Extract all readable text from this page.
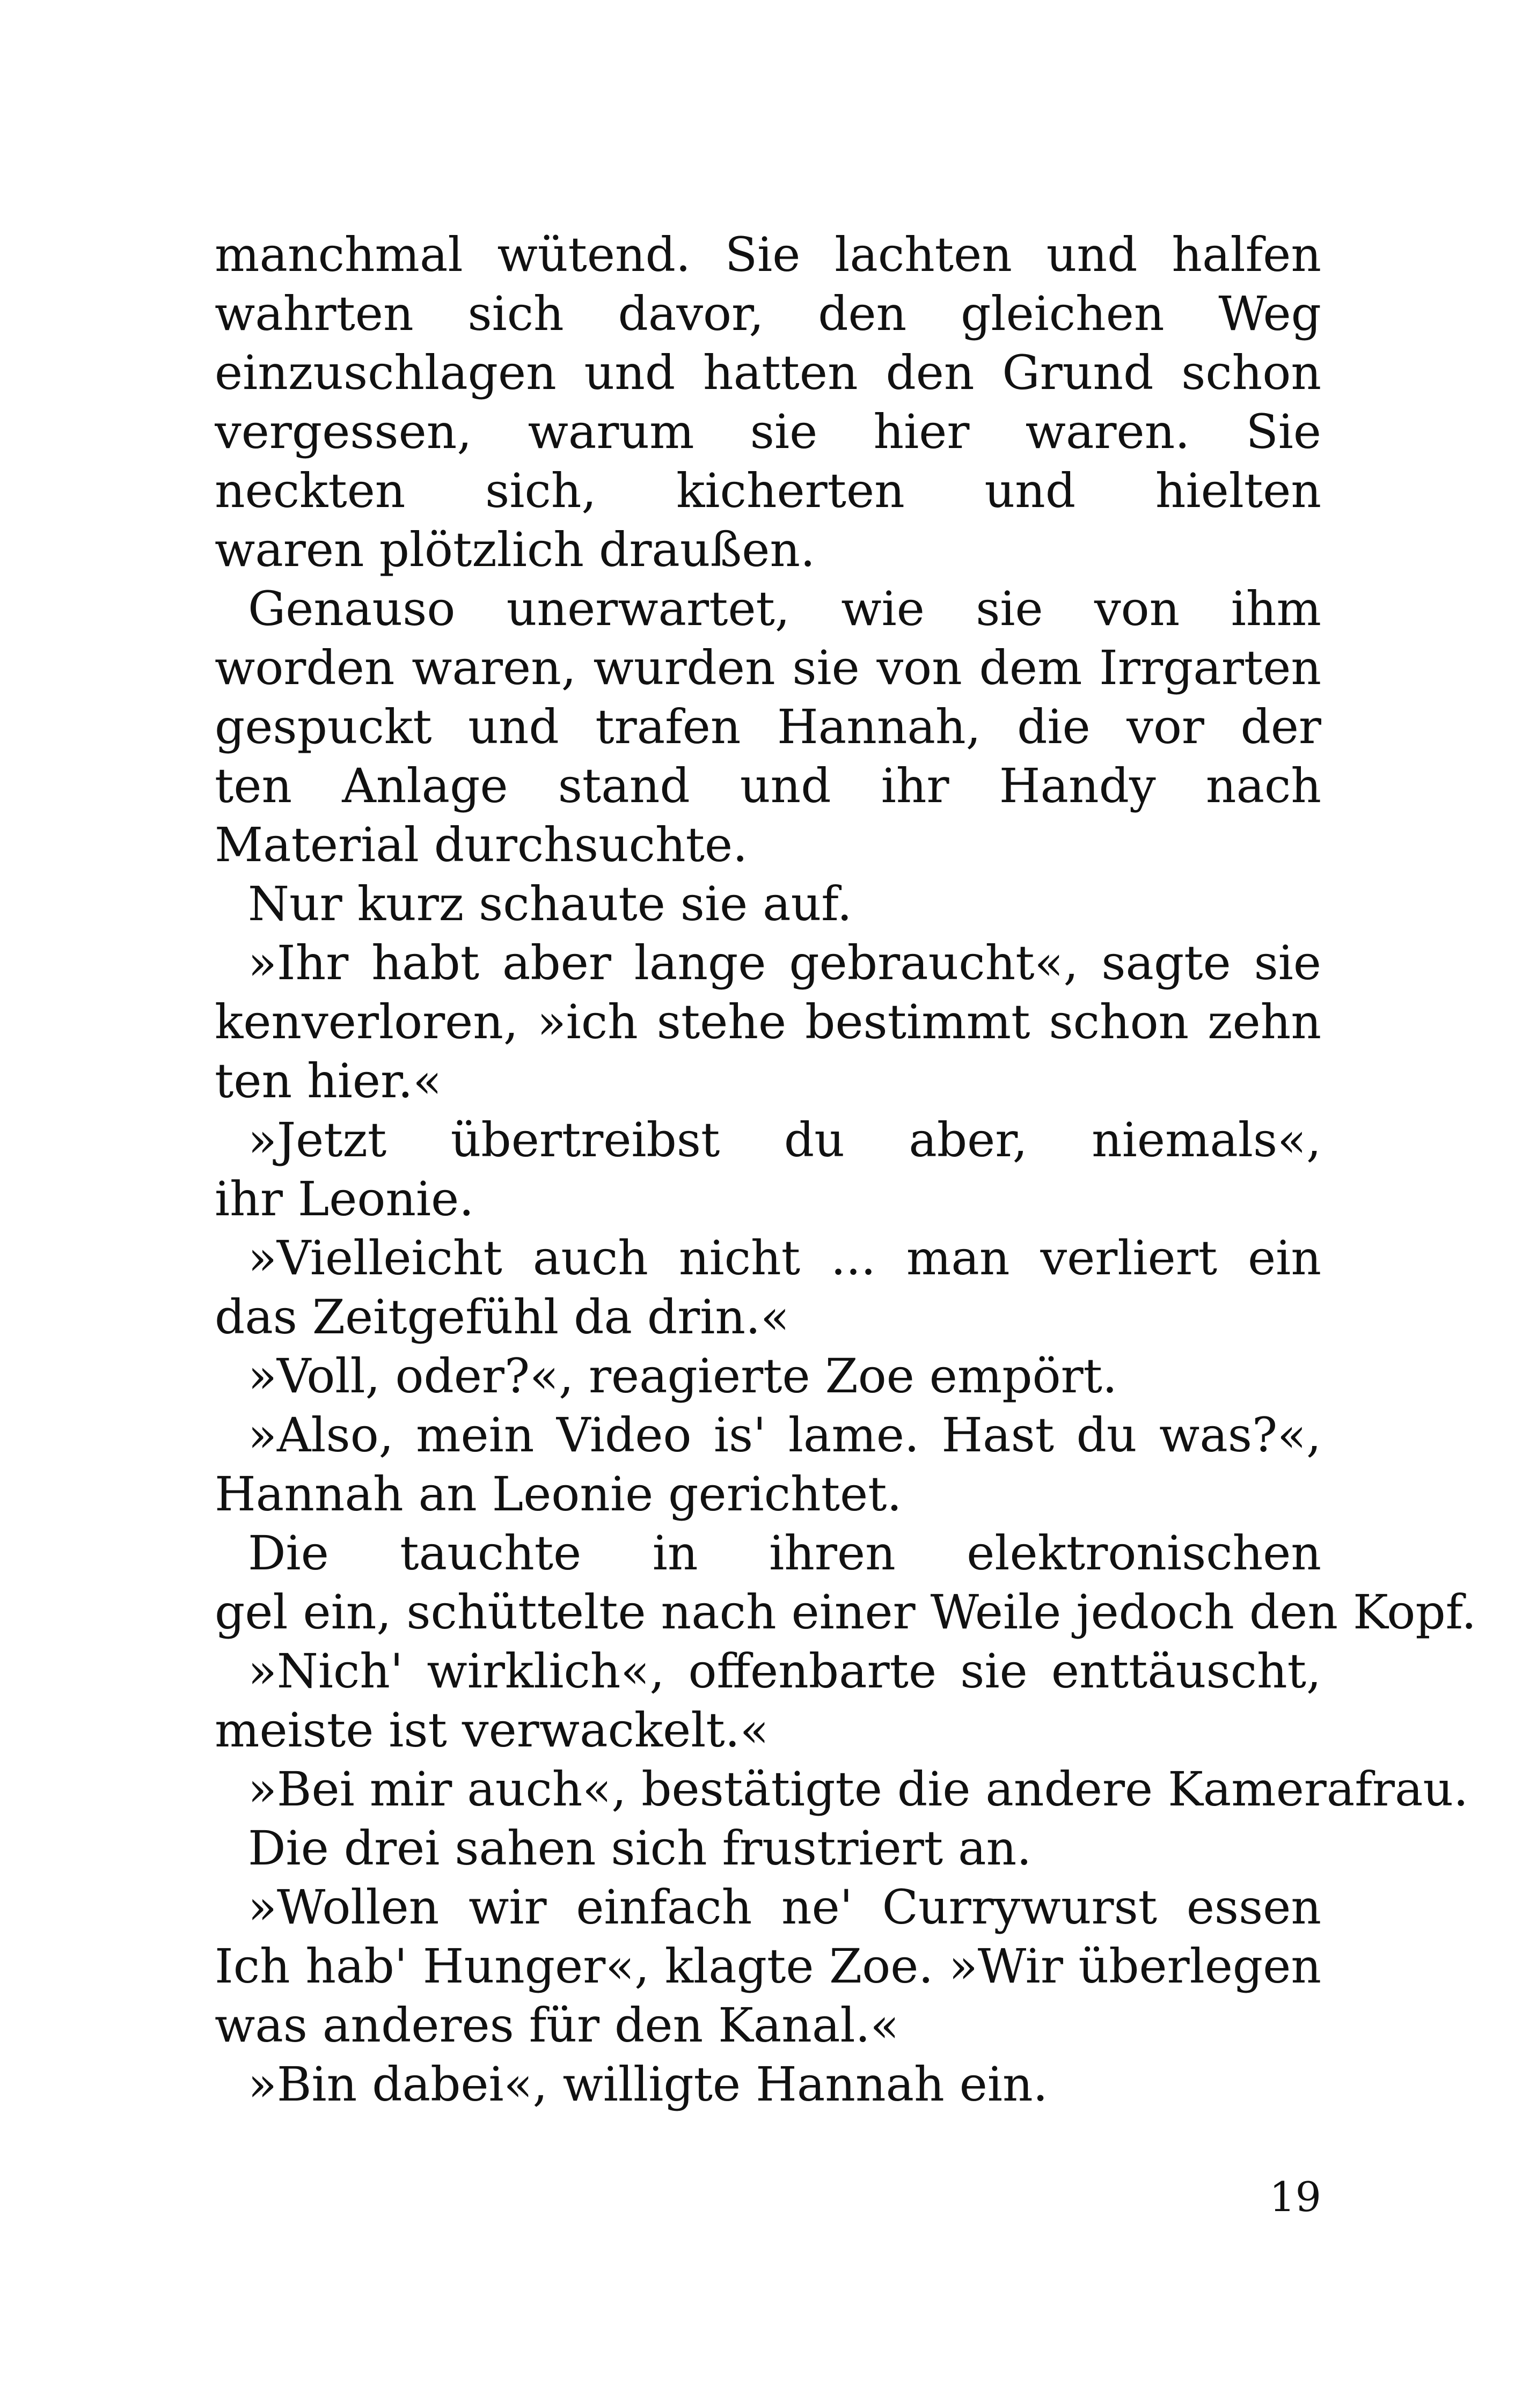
manchmal wütend. Sie lachten und halfen
wahrten sich davor, den gleichen Weg
einzuschlagen und hatten den Grund schon
vergessen, warum sie hier waren. Sie
neckten sich, kicherten und hielten
waren plötzlich draußen.
Genauso unerwartet, wie sie von ihm
worden waren, wurden sie von dem Irrgarten
gespuckt und trafen Hannah, die vor der
ten Anlage stand und ihr Handy nach
Material durchsuchte.
Nur kurz schaute sie auf.
»Ihr habt aber lange gebraucht«, sagte sie
kenverloren, »ich stehe bestimmt schon zehn
ten hier.«
»Jetzt übertreibst du aber, niemals«,
ihr Leonie.
»Vielleicht auch nicht ... man verliert ein
das Zeitgefühl da drin.«
»Voll, oder?«, reagierte Zoe empört.
»Also, mein Video is' lame. Hast du was?«,
Hannah an Leonie gerichtet.
Die tauchte in ihren elektronischen
gel ein, schüttelte nach einer Weile jedoch den Kopf.
»Nich' wirklich«, offenbarte sie enttäuscht,
meiste ist verwackelt.«
»Bei mir auch«, bestätigte die andere Kamerafrau.
Die drei sahen sich frustriert an.
»Wollen wir einfach ne' Currywurst essen
Ich hab' Hunger«, klagte Zoe. »Wir überlegen
was anderes für den Kanal.«
»Bin dabei«, willigte Hannah ein.
19
